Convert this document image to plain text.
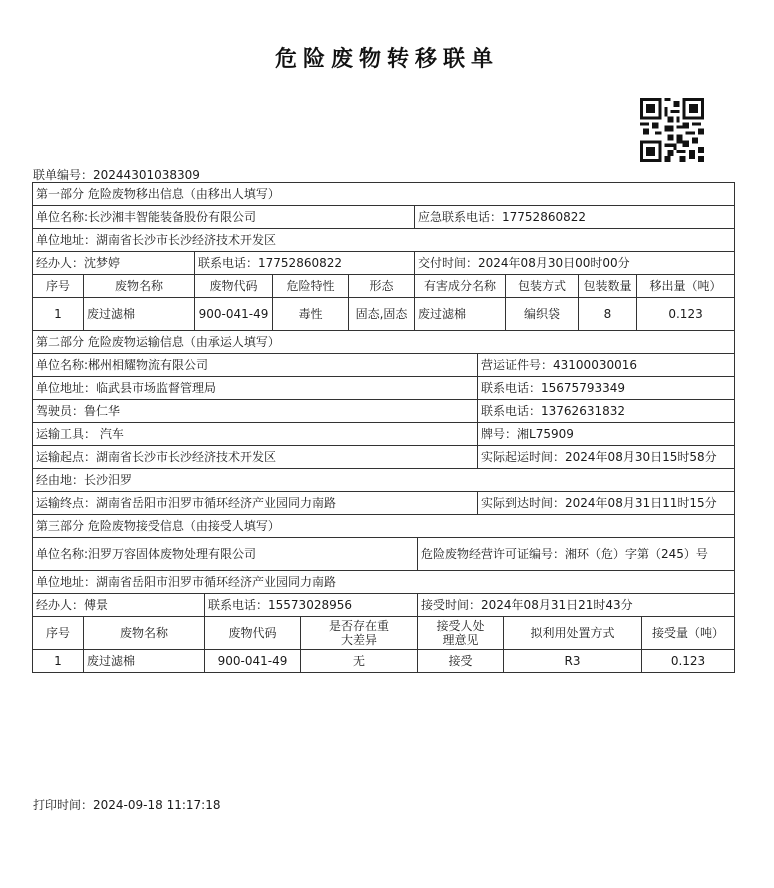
危险废物转移联单
联单编号：20244301038309
第一部分 危险废物移出信息（由移出人填写）								
单位名称:长沙湘丰智能装备股份有限公司					应急联系电话：17752860822			
单位地址：湖南省长沙市长沙经济技术开发区								
经办人：沈梦婷		联系电话：17752860822			交付时间：2024年08月30日00时00分			
序号	废物名称	废物代码	危险特性	形态	有害成分名称	包装方式	包装数量	移出量（吨）
1	废过滤棉	900-041-49	毒性	固态,固态	废过滤棉	编织袋	8	0.123
第二部分 危险废物运输信息（由承运人填写）	
单位名称:郴州相耀物流有限公司	营运证件号：43100030016
单位地址：临武县市场监督管理局	联系电话：15675793349
驾驶员：鲁仁华	联系电话：13762631832
运输工具： 汽车	牌号：湘L75909
运输起点：湖南省长沙市长沙经济技术开发区	实际起运时间：2024年08月30日15时58分
经由地：长沙汨罗	
运输终点：湖南省岳阳市汨罗市循环经济产业园同力南路	实际到达时间：2024年08月31日11时15分
第三部分 危险废物接受信息（由接受人填写）						
单位名称:汨罗万容固体废物处理有限公司				危险废物经营许可证编号：湘环（危）字第（245）号		
单位地址：湖南省岳阳市汨罗市循环经济产业园同力南路						
经办人：傅景		联系电话：15573028956		接受时间：2024年08月31日21时43分		
序号	废物名称	废物代码	是否存在重大差异	接受人处理意见	拟利用处置方式	接受量（吨）
1	废过滤棉	900-041-49	无	接受	R3	0.123
打印时间：2024-09-18 11:17:18
